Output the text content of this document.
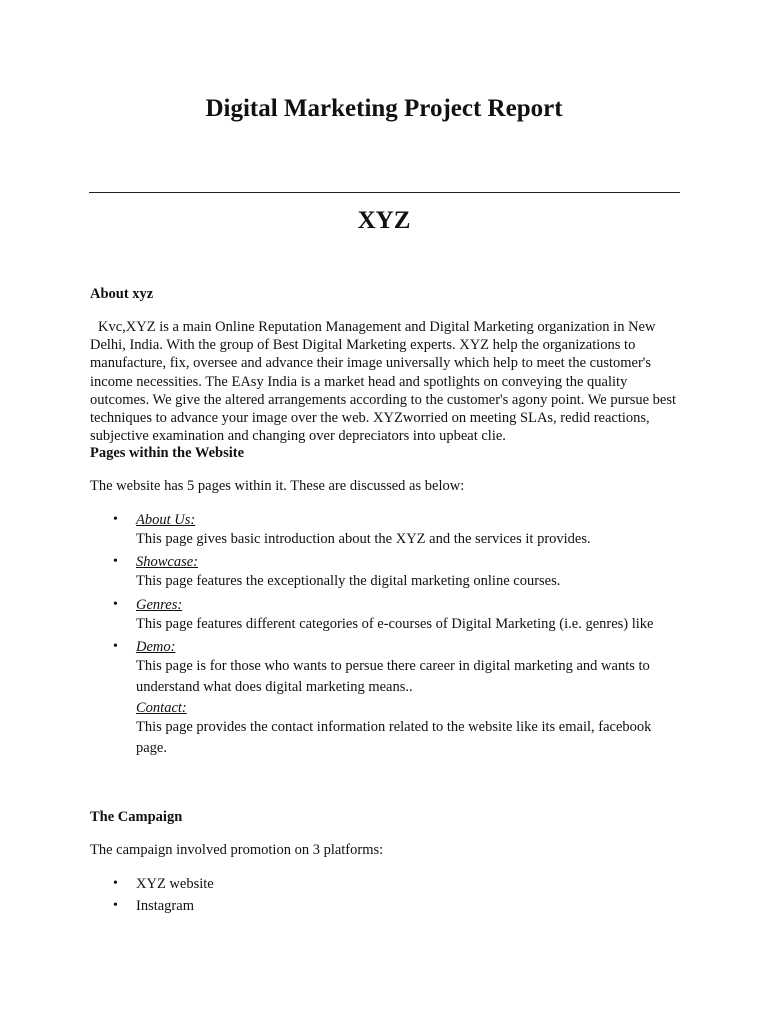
Digital Marketing Project Report
XYZ
About xyz
Kvc,XYZ is a main Online Reputation Management and Digital Marketing organization in New Delhi, India. With the group of Best Digital Marketing experts. XYZ help the organizations to manufacture, fix, oversee and advance their image universally which help to meet the customer's income necessities. The EAsy India is a market head and spotlights on conveying the quality outcomes. We give the altered arrangements according to the customer's agony point. We pursue best techniques to advance your image over the web. XYZworried on meeting SLAs, redid reactions, subjective examination and changing over depreciators into upbeat clie.
Pages within the Website
The website has 5 pages within it. These are discussed as below:
• About Us:
This page gives basic introduction about the XYZ and the services it provides.
• Showcase:
This page features the exceptionally the digital marketing online courses.
• Genres:
This page features different categories of e-courses of Digital Marketing (i.e. genres) like
• Demo:
This page is for those who wants to persue there career in digital marketing and wants to understand what does digital marketing means..
Contact:
This page provides the contact information related to the website like its email, facebook page.
The Campaign
The campaign involved promotion on 3 platforms:
• XYZ website
• Instagram
